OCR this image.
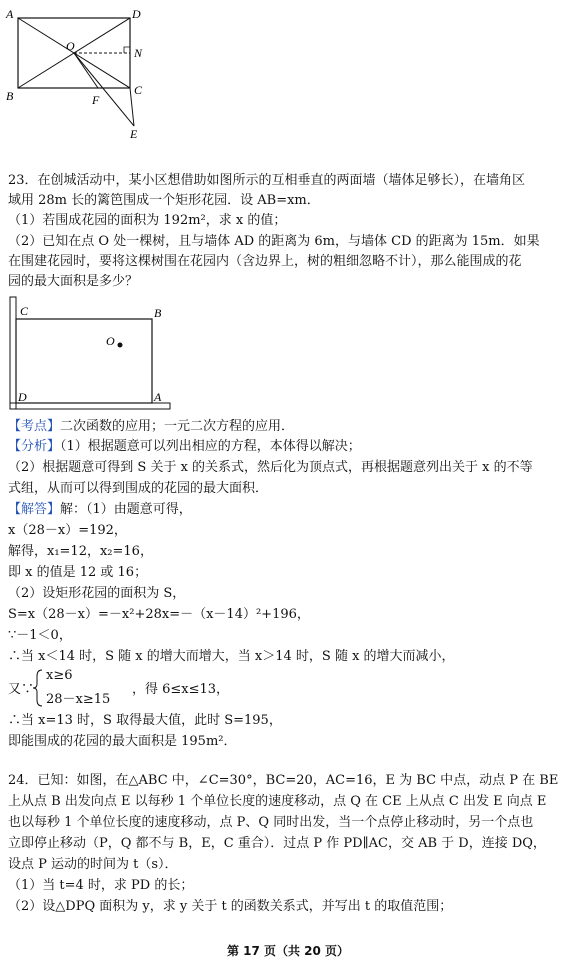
A	D
O	N
B	F
C
E
23．在创城活动中，某小区想借助如图所示的互相垂直的两面墙（墙体足够长），在墙角区
域用 28m 长的篱笆围成一个矩形花园．设 AB=xm．
（1）若围成花园的面积为 192m²，求 x 的值；
（2）已知在点 O 处一棵树，且与墙体 AD 的距离为 6m，与墙体 CD 的距离为 15m．如果
在围建花园时，要将这棵树围在花园内（含边界上，树的粗细忽略不计），那么能围成的花
园的最大面积是多少？
C	B
O
D	A
【考点】二次函数的应用；一元二次方程的应用．
【分析】（1）根据题意可以列出相应的方程，本体得以解决；
（2）根据题意可得到 S 关于 x 的关系式，然后化为顶点式，再根据题意列出关于 x 的不等
式组，从而可以得到围成的花园的最大面积．
【解答】解：（1）由题意可得，
x（28－x）=192，
解得，x₁=12，x₂=16，
即 x 的值是 12 或 16；
（2）设矩形花园的面积为 S，
S=x（28－x）=－x²+28x=－（x－14）²+196，
∵－1＜0，
∴当 x＜14 时，S 随 x 的增大而增大，当 x＞14 时，S 随 x 的增大而减小，
又∵
x≥6
28－x≥15
，得 6≤x≤13，
∴当 x=13 时，S 取得最大值，此时 S=195，
即能围成的花园的最大面积是 195m²．
24．已知：如图，在△ABC 中，∠C=30°，BC=20，AC=16，E 为 BC 中点，动点 P 在 BE
上从点 B 出发向点 E 以每秒 1 个单位长度的速度移动，点 Q 在 CE 上从点 C 出发 E 向点 E
也以每秒 1 个单位长度的速度移动，点 P、Q 同时出发，当一个点停止移动时，另一个点也
立即停止移动（P，Q 都不与 B，E，C 重合）．过点 P 作 PD∥AC，交 AB 于 D，连接 DQ，
设点 P 运动的时间为 t（s）．
（1）当 t=4 时，求 PD 的长；
（2）设△DPQ 面积为 y，求 y 关于 t 的函数关系式，并写出 t 的取值范围；
第 17 页（共 20 页）
